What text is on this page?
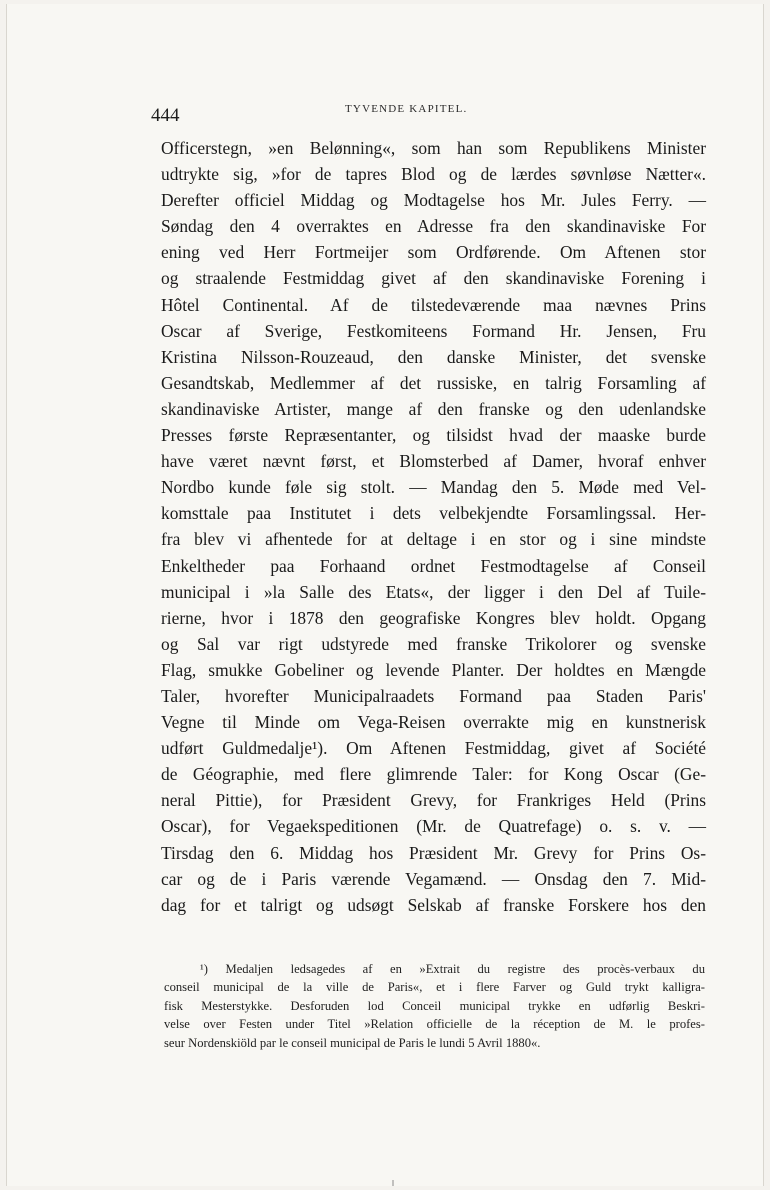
444	TYVENDE KAPITEL.
Officerstegn, »en Belønning«, som han som Republikens Minister
udtrykte sig, »for de tapres Blod og de lærdes søvnløse Nætter«.
Derefter officiel Middag og Modtagelse hos Mr. Jules Ferry. —
Søndag den 4 overraktes en Adresse fra den skandinaviske For
ening ved Herr Fortmeijer som Ordførende. Om Aftenen stor
og straalende Festmiddag givet af den skandinaviske Forening i
Hôtel Continental. Af de tilstedeværende maa nævnes Prins
Oscar af Sverige, Festkomiteens Formand Hr. Jensen, Fru
Kristina Nilsson-Rouzeaud, den danske Minister, det svenske
Gesandtskab, Medlemmer af det russiske, en talrig Forsamling af
skandinaviske Artister, mange af den franske og den udenlandske
Presses første Repræsentanter, og tilsidst hvad der maaske burde
have været nævnt først, et Blomsterbed af Damer, hvoraf enhver
Nordbo kunde føle sig stolt. — Mandag den 5. Møde med Vel-
komsttale paa Institutet i dets velbekjendte Forsamlingssal. Her-
fra blev vi afhentede for at deltage i en stor og i sine mindste
Enkeltheder paa Forhaand ordnet Festmodtagelse af Conseil
municipal i »la Salle des Etats«, der ligger i den Del af Tuile-
rierne, hvor i 1878 den geografiske Kongres blev holdt. Opgang
og Sal var rigt udstyrede med franske Trikolorer og svenske
Flag, smukke Gobeliner og levende Planter. Der holdtes en Mængde
Taler, hvorefter Municipalraadets Formand paa Staden Paris'
Vegne til Minde om Vega-Reisen overrakte mig en kunstnerisk
udført Guldmedalje¹). Om Aftenen Festmiddag, givet af Société
de Géographie, med flere glimrende Taler: for Kong Oscar (Ge-
neral Pittie), for Præsident Grevy, for Frankriges Held (Prins
Oscar), for Vegaekspeditionen (Mr. de Quatrefage) o. s. v. —
Tirsdag den 6. Middag hos Præsident Mr. Grevy for Prins Os-
car og de i Paris værende Vegamænd. — Onsdag den 7. Mid-
dag for et talrigt og udsøgt Selskab af franske Forskere hos den
¹) Medaljen ledsagedes af en »Extrait du registre des procès-verbaux du
conseil municipal de la ville de Paris«, et i flere Farver og Guld trykt kalligra-
fisk Mesterstykke. Desforuden lod Conceil municipal trykke en udførlig Beskri-
velse over Festen under Titel »Relation officielle de la réception de M. le profes-
seur Nordenskiöld par le conseil municipal de Paris le lundi 5 Avril 1880«.
